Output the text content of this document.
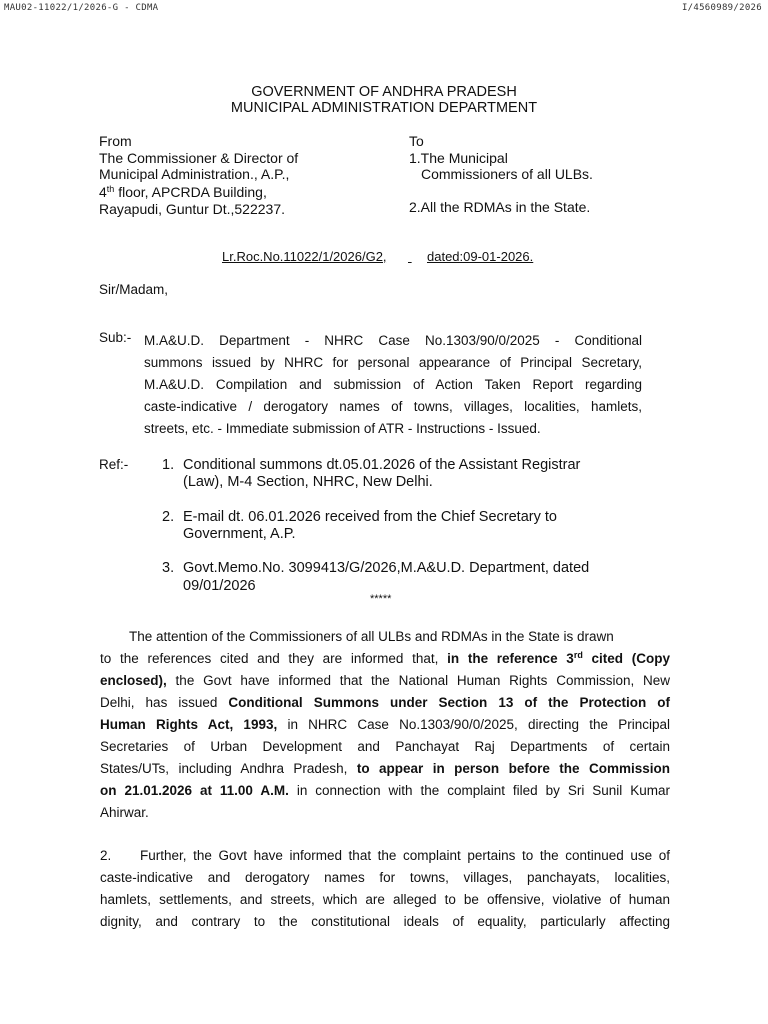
MAU02-11022/1/2026-G - CDMA	I/4560989/2026
GOVERNMENT OF ANDHRA PRADESH
MUNICIPAL ADMINISTRATION DEPARTMENT
From
The Commissioner & Director of
Municipal Administration., A.P.,
4th floor, APCRDA Building,
Rayapudi, Guntur Dt.,522237.
To
1.The Municipal
Commissioners of all ULBs.
2.All the RDMAs in the State.
Lr.Roc.No.11022/1/2026/G2,
	dated:09-01-2026.
Sir/Madam,
Sub:- M.A&U.D. Department - NHRC Case No.1303/90/0/2025 - Conditional
summons issued by NHRC for personal appearance of Principal Secretary,
M.A&U.D. Compilation and submission of Action Taken Report regarding
caste-indicative / derogatory names of towns, villages, localities, hamlets,
streets, etc. - Immediate submission of ATR - Instructions - Issued.
Ref:- 1. Conditional summons dt.05.01.2026 of the Assistant Registrar
(Law), M-4 Section, NHRC, New Delhi.
2. E-mail dt. 06.01.2026 received from the Chief Secretary to
Government, A.P.
3. Govt.Memo.No. 3099413/G/2026,M.A&U.D. Department, dated
09/01/2026
*****
The attention of the Commissioners of all ULBs and RDMAs in the State is drawn
to the references cited and they are informed that, in the reference 3rd cited (Copy
enclosed), the Govt have informed that the National Human Rights Commission, New
Delhi, has issued Conditional Summons under Section 13 of the Protection of
Human Rights Act, 1993, in NHRC Case No.1303/90/0/2025, directing the Principal
Secretaries of Urban Development and Panchayat Raj Departments of certain
States/UTs, including Andhra Pradesh, to appear in person before the Commission
on 21.01.2026 at 11.00 A.M. in connection with the complaint filed by Sri Sunil Kumar
Ahirwar.
2.	Further, the Govt have informed that the complaint pertains to the continued use of
caste-indicative and derogatory names for towns, villages, panchayats, localities,
hamlets, settlements, and streets, which are alleged to be offensive, violative of human
dignity, and contrary to the constitutional ideals of equality, particularly affecting
